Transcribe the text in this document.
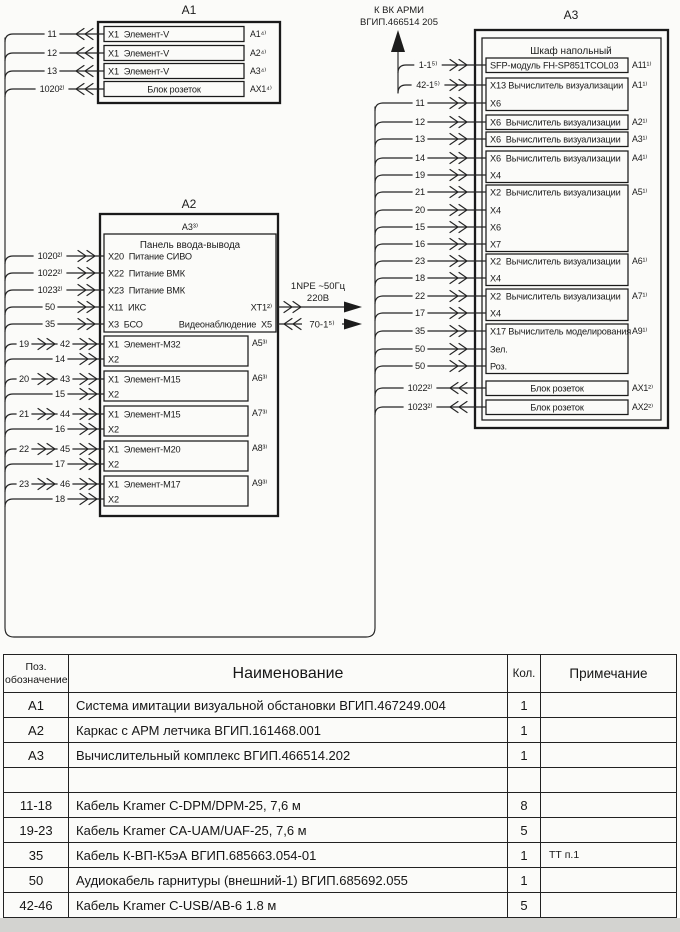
К ВК АРМИ
ВГИП.466514 205
A1
11	X1  Элемент-V	A1⁴⁾
12	X1  Элемент-V	A2⁴⁾
13	X1  Элемент-V	A3⁴⁾
1020²⁾	Блок розеток	AX1⁴⁾
A2
A3³⁾
Панель ввода-вывода
1020²⁾	X20  Питание СИВО
1022²⁾	X22  Питание ВМК
1023²⁾	X23  Питание ВМК
50	X11  ИКС	XT1²⁾
35	X3  БСО	Видеонаблюдение  X5
19	42
14
X1  Элемент-М32
X2
A5³⁾
20	43
15
X1  Элемент-М15
X2
A6³⁾
21	44
16
X1  Элемент-М15
X2
A7³⁾
22	45
17
X1  Элемент-М20
X2
A8³⁾
23	46
18
X1  Элемент-М17
X2
A9³⁾
1NPE ~50Гц
220В
70-1⁵⁾
A3
Шкаф напольный
1-1⁵⁾	SFP-модуль FH-SP851TCOL03 A11¹⁾
42-1⁵⁾	X13 Вычислитель визуализации
11	X6
A1¹⁾
12	X6  Вычислитель визуализации A2¹⁾
13	X6  Вычислитель визуализации A3¹⁾
14	X6  Вычислитель визуализации
19	X4
A4¹⁾
21	X2  Вычислитель визуализации
20	X4
15	X6
16	X7
A5¹⁾
23	X2  Вычислитель визуализации
18	X4
A6¹⁾
22	X2  Вычислитель визуализации
17	X4
A7¹⁾
35	X17 Вычислитель моделирования
50	Зел.
50	Роз.
A9¹⁾
1022²⁾	Блок розеток	AX1²⁾
1023²⁾	Блок розеток	AX2²⁾
Поз. обозначение	Наименование	Кол.	Примечание
А1	Система имитации визуальной обстановки ВГИП.467249.004	1	
А2	Каркас с АРМ летчика ВГИП.161468.001	1	
А3	Вычислительный комплекс ВГИП.466514.202	1	

11-18	Кабель Kramer C-DPM/DPM-25, 7,6 м	8	
19-23	Кабель Kramer CA-UAM/UAF-25, 7,6 м	5	
35	Кабель К-ВП-К5эА ВГИП.685663.054-01	1	ТТ п.1
50	Аудиокабель гарнитуры (внешний-1) ВГИП.685692.055	1	
42-46	Кабель Kramer C-USB/AB-6 1.8 м	5	
